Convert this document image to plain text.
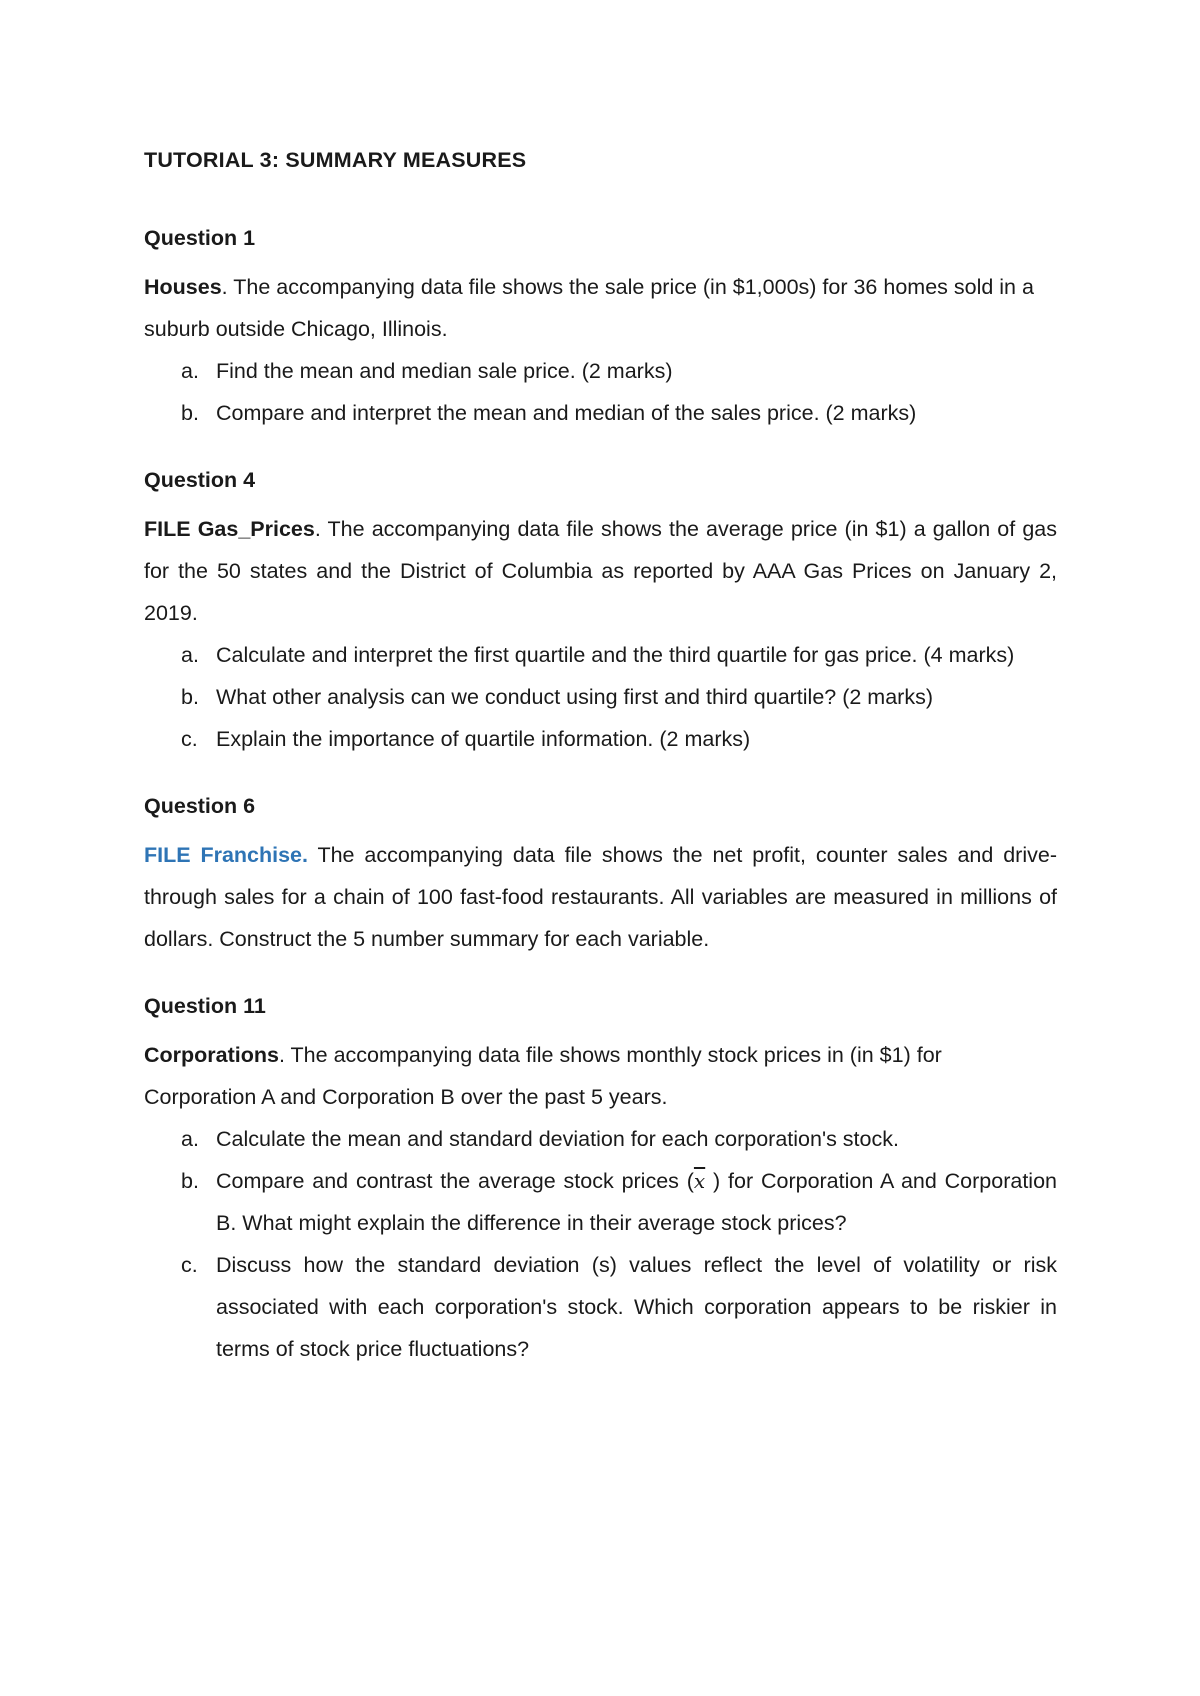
TUTORIAL 3: SUMMARY MEASURES
Question 1

Houses. The accompanying data file shows the sale price (in $1,000s) for 36 homes sold in a suburb outside Chicago, Illinois.

a. Find the mean and median sale price. (2 marks)
b. Compare and interpret the mean and median of the sales price. (2 marks)
Question 4

FILE Gas_Prices. The accompanying data file shows the average price (in $1) a gallon of gas for the 50 states and the District of Columbia as reported by AAA Gas Prices on January 2, 2019.

a. Calculate and interpret the first quartile and the third quartile for gas price. (4 marks)
b. What other analysis can we conduct using first and third quartile? (2 marks)
c. Explain the importance of quartile information. (2 marks)
Question 6

FILE Franchise. The accompanying data file shows the net profit, counter sales and drive-through sales for a chain of 100 fast-food restaurants. All variables are measured in millions of dollars. Construct the 5 number summary for each variable.

Question 11

Corporations. The accompanying data file shows monthly stock prices in (in $1) for Corporation A and Corporation B over the past 5 years.

a. Calculate the mean and standard deviation for each corporation's stock.
b. Compare and contrast the average stock prices ($\overline{x}$ ) for Corporation A and Corporation B. What might explain the difference in their average stock prices?
c. Discuss how the standard deviation (s) values reflect the level of volatility or risk associated with each corporation's stock. Which corporation appears to be riskier in terms of stock price fluctuations?
